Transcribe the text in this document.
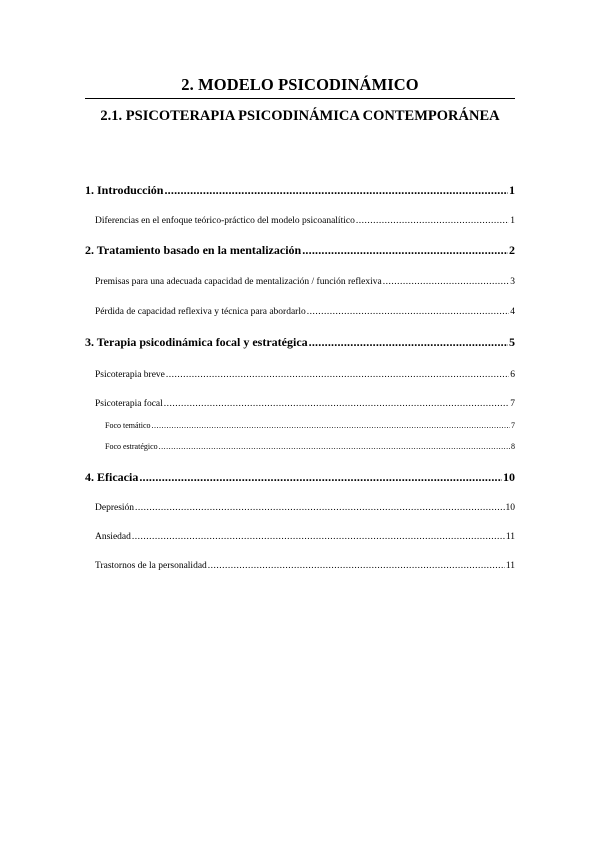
2. MODELO PSICODINÁMICO
2.1. PSICOTERAPIA PSICODINÁMICA CONTEMPORÁNEA
1. Introducción .....	1
Diferencias en el enfoque teórico-práctico del modelo psicoanalítico .....	1
2. Tratamiento basado en la mentalización .....	2
Premisas para una adecuada capacidad de mentalización / función reflexiva .....	3
Pérdida de capacidad reflexiva y técnica para abordarlo .....	4
3. Terapia psicodinámica focal y estratégica .....	5
Psicoterapia breve .....	6
Psicoterapia focal .....	7
Foco temático .....	7
Foco estratégico .....	8
4. Eficacia .....	10
Depresión .....	10
Ansiedad .....	11
Trastornos de la personalidad .....	11
